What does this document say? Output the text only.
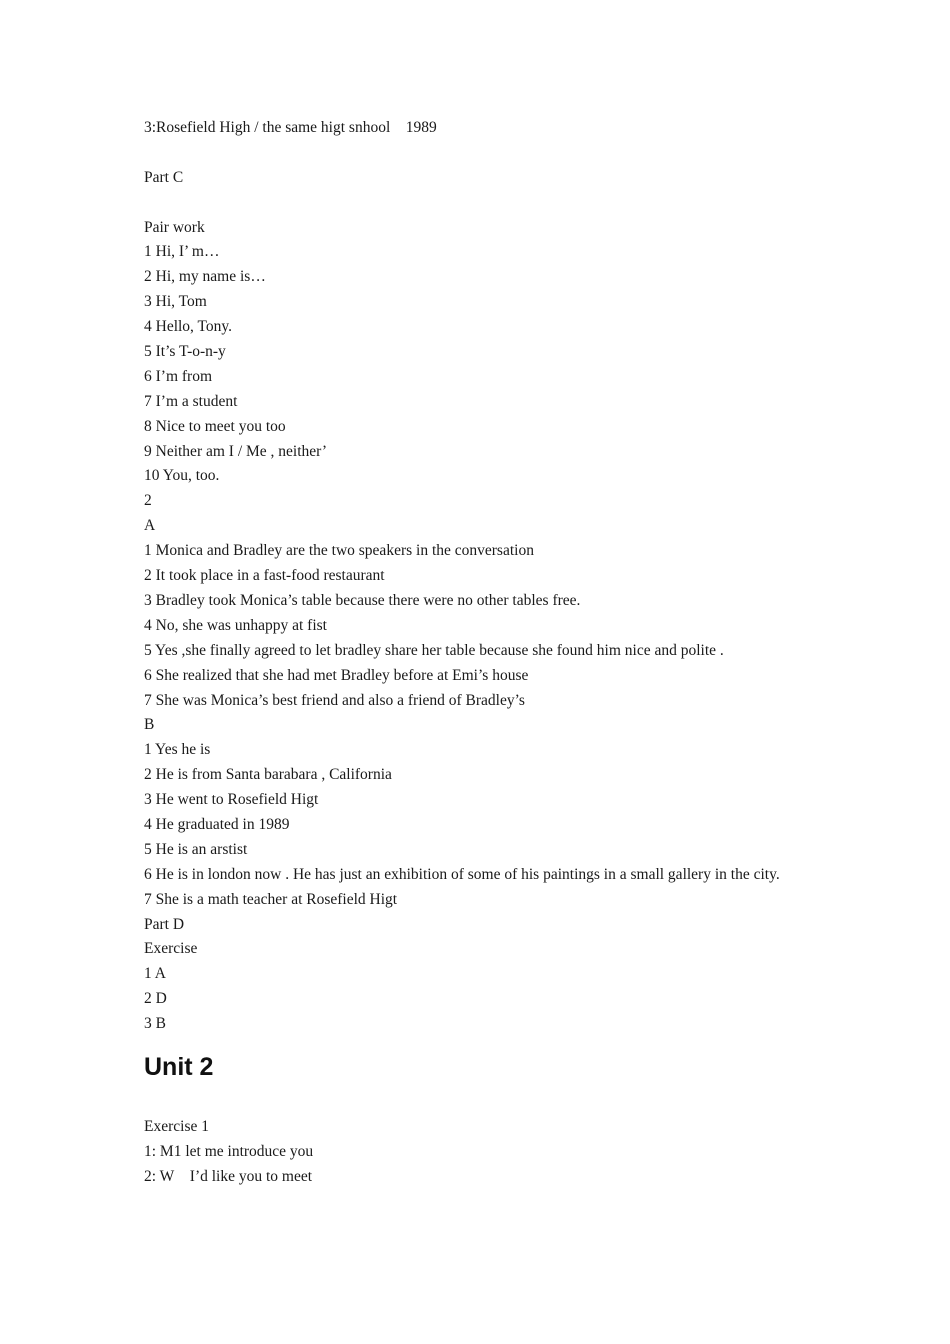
3:Rosefield High / the same higt snhool    1989
Part C
Pair work
1 Hi, I’ m…
2 Hi, my name is…
3 Hi, Tom
4 Hello, Tony.
5 It’s T-o-n-y
6 I’m from
7 I’m a student
8 Nice to meet you too
9 Neither am I / Me , neither’
10 You, too.
2
A
1 Monica and Bradley are the two speakers in the conversation
2 It took place in a fast-food restaurant
3 Bradley took Monica’s table because there were no other tables free.
4 No, she was unhappy at fist
5 Yes ,she finally agreed to let bradley share her table because she found him nice and polite .
6 She realized that she had met Bradley before at Emi’s house
7 She was Monica’s best friend and also a friend of Bradley’s
B
1 Yes he is
2 He is from Santa barabara , California
3 He went to Rosefield Higt
4 He graduated in 1989
5 He is an arstist
6 He is in london now . He has just an exhibition of some of his paintings in a small gallery in the city.
7 She is a math teacher at Rosefield Higt
Part D
Exercise
1 A
2 D
3 B
Unit 2
Exercise 1
1: M1 let me introduce you
2: W    I’d like you to meet
